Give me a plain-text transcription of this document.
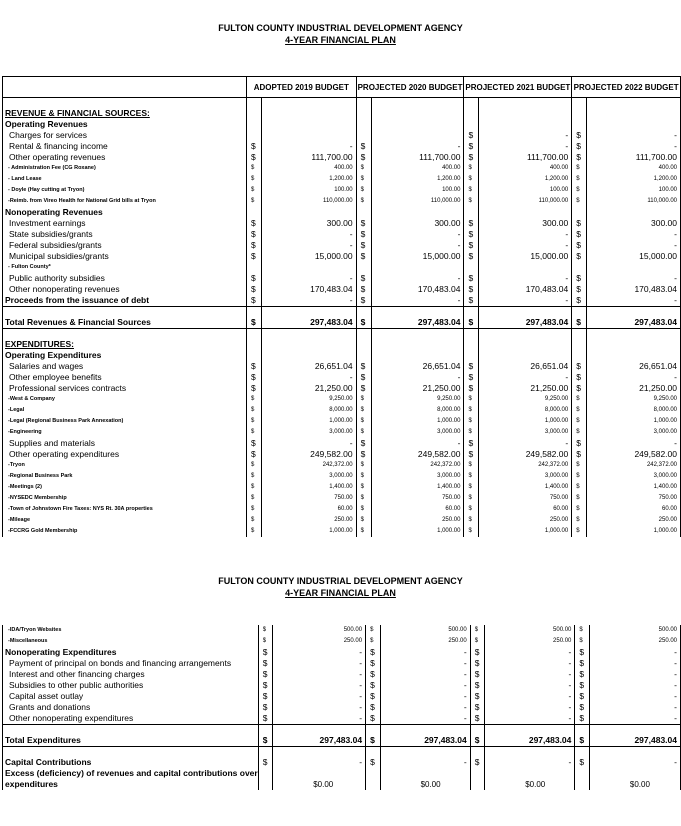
FULTON COUNTY INDUSTRIAL DEVELOPMENT AGENCY
4-YEAR FINANCIAL PLAN
	ADOPTED 2019 BUDGET		PROJECTED 2020 BUDGET		PROJECTED 2021 BUDGET		PROJECTED 2022 BUDGET	

REVENUE & FINANCIAL SOURCES:								
Operating Revenues								
Charges for services					$	-	$	-
Rental & financing income	$	-	$	-	$	-	$	-
Other operating revenues	$	111,700.00	$	111,700.00	$	111,700.00	$	111,700.00
- Administration Fee (CG Roxane)	$	400.00	$	400.00	$	400.00	$	400.00
- Land Lease	$	1,200.00	$	1,200.00	$	1,200.00	$	1,200.00
- Doyle (Hay cutting at Tryon)	$	100.00	$	100.00	$	100.00	$	100.00
-Reimb. from Vireo Health for National Grid bills at Tryon	$	110,000.00	$	110,000.00	$	110,000.00	$	110,000.00
Nonoperating Revenues								
Investment earnings	$	300.00	$	300.00	$	300.00	$	300.00
State subsidies/grants	$	-	$	-	$	-	$	-
Federal subsidies/grants	$	-	$	-	$	-	$	-
Municipal subsidies/grants	$	15,000.00	$	15,000.00	$	15,000.00	$	15,000.00
- Fulton County*								
Public authority subsidies	$	-	$	-	$	-	$	-
Other nonoperating revenues	$	170,483.04	$	170,483.04	$	170,483.04	$	170,483.04
Proceeds from the issuance of debt	$	-	$	-	$	-	$	-

Total Revenues & Financial Sources	$	297,483.04	$	297,483.04	$	297,483.04	$	297,483.04

EXPENDITURES:								
Operating Expenditures								
Salaries and wages	$	26,651.04	$	26,651.04	$	26,651.04	$	26,651.04
Other employee benefits	$	-	$	-	$	-	$	-
Professional services contracts	$	21,250.00	$	21,250.00	$	21,250.00	$	21,250.00
-West & Company	$	9,250.00	$	9,250.00	$	9,250.00	$	9,250.00
-Legal	$	8,000.00	$	8,000.00	$	8,000.00	$	8,000.00
-Legal (Regional Business Park Annexation)	$	1,000.00	$	1,000.00	$	1,000.00	$	1,000.00
-Engineering	$	3,000.00	$	3,000.00	$	3,000.00	$	3,000.00
Supplies and materials	$	-	$	-	$	-	$	-
Other operating expenditures	$	249,582.00	$	249,582.00	$	249,582.00	$	249,582.00
-Tryon	$	242,372.00	$	242,372.00	$	242,372.00	$	242,372.00
-Regional Business Park	$	3,000.00	$	3,000.00	$	3,000.00	$	3,000.00
-Meetings (2)	$	1,400.00	$	1,400.00	$	1,400.00	$	1,400.00
-NYSEDC Membership	$	750.00	$	750.00	$	750.00	$	750.00
-Town of Johnstown Fire Taxes: NYS Rt. 30A properties	$	60.00	$	60.00	$	60.00	$	60.00
-Mileage	$	250.00	$	250.00	$	250.00	$	250.00
-FCCRG Gold Membership	$	1,000.00	$	1,000.00	$	1,000.00	$	1,000.00
FULTON COUNTY INDUSTRIAL DEVELOPMENT AGENCY
4-YEAR FINANCIAL PLAN
-IDA/Tryon Websites	$	500.00	$	500.00	$	500.00	$	500.00
-Miscellaneous	$	250.00	$	250.00	$	250.00	$	250.00
Nonoperating Expenditures	$	-	$	-	$	-	$	-
Payment of principal on bonds and financing arrangements	$	-	$	-	$	-	$	-
Interest and other financing charges	$	-	$	-	$	-	$	-
Subsidies to other public authorities	$	-	$	-	$	-	$	-
Capital asset outlay	$	-	$	-	$	-	$	-
Grants and donations	$	-	$	-	$	-	$	-
Other nonoperating expenditures	$	-	$	-	$	-	$	-

Total Expenditures	$	297,483.04	$	297,483.04	$	297,483.04	$	297,483.04

Capital Contributions	$	-	$	-	$	-	$	-
Excess (deficiency) of revenues and capital contributions over								
expenditures		$0.00		$0.00		$0.00		$0.00
